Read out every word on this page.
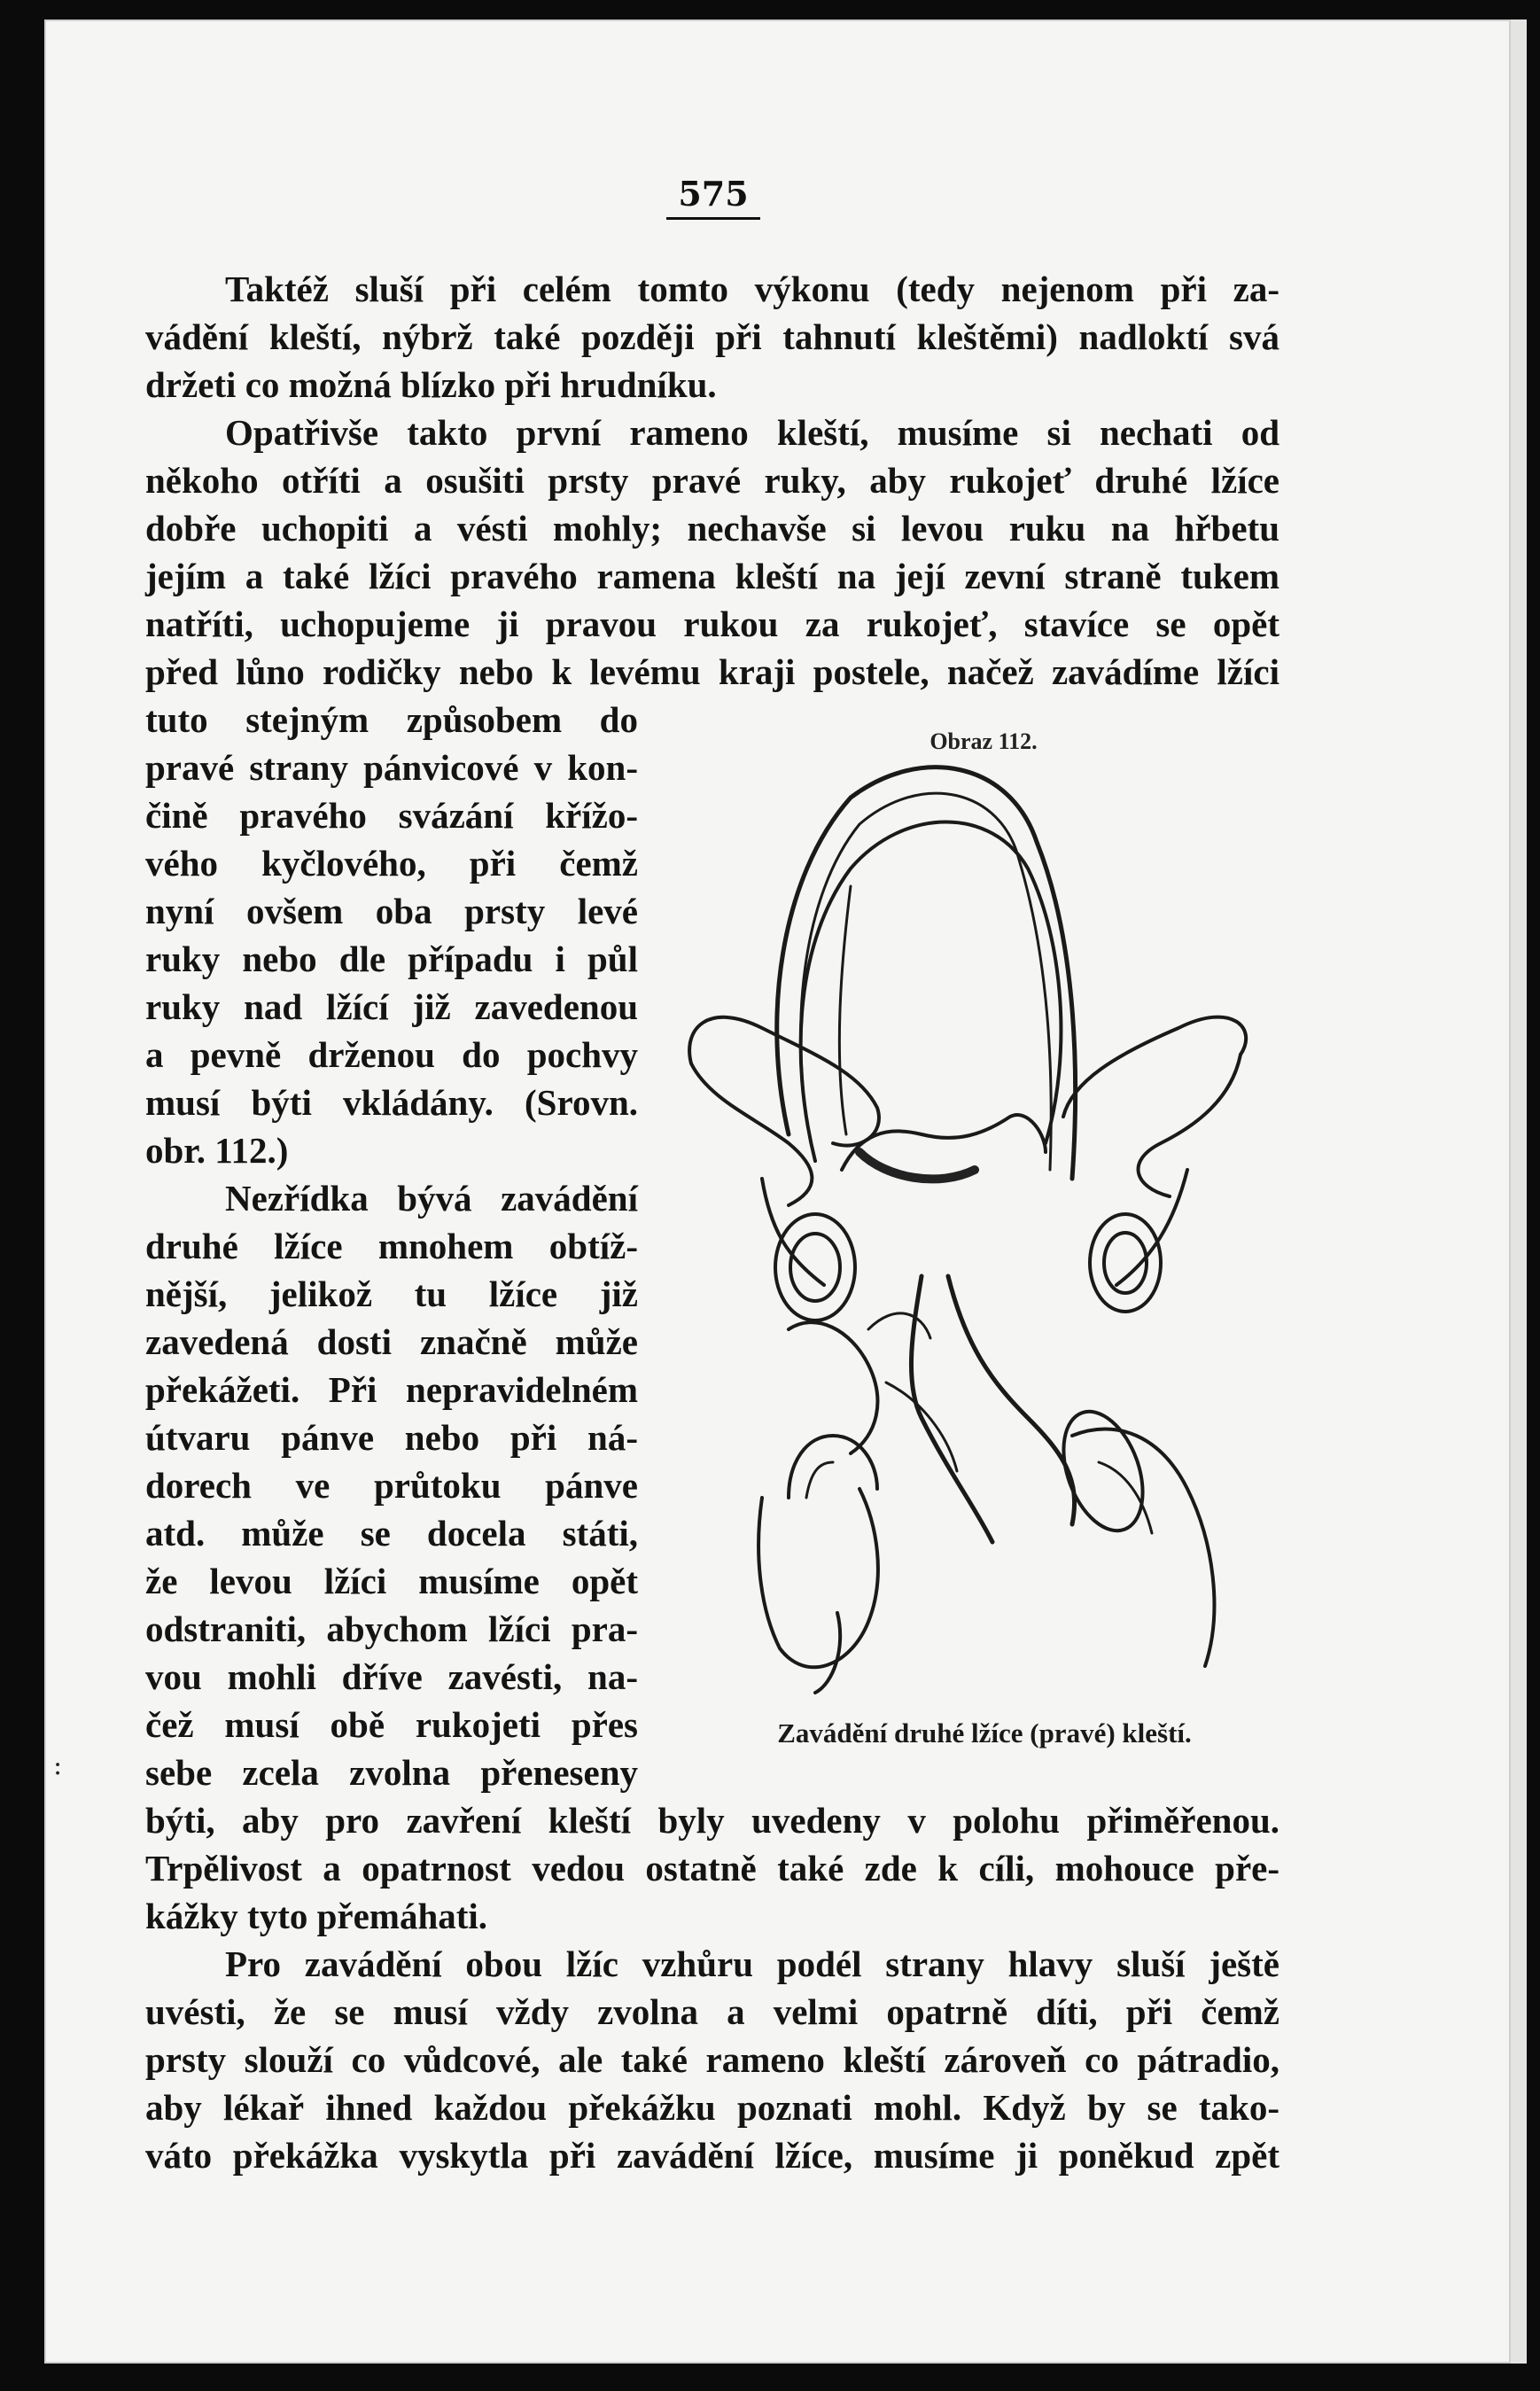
575
Taktéž sluší při celém tomto výkonu (tedy nejenom při za-
vádění kleští, nýbrž také později při tahnutí kleštěmi) nadloktí svá
držeti co možná blízko při hrudníku.
Opatřivše takto první rameno kleští, musíme si nechati od
někoho otříti a osušiti prsty pravé ruky, aby rukojeť druhé lžíce
dobře uchopiti a vésti mohly; nechavše si levou ruku na hřbetu
jejím a také lžíci pravého ramena kleští na její zevní straně tukem
natříti, uchopujeme ji pravou rukou za rukojeť, stavíce se opět
před lůno rodičky nebo k levému kraji postele, načež zavádíme lžíci
tuto stejným způsobem do
pravé strany pánvicové v kon-
čině pravého svázání křížo-
vého kyčlového, při čemž
nyní ovšem oba prsty levé
ruky nebo dle případu i půl
ruky nad lžící již zavedenou
a pevně drženou do pochvy
musí býti vkládány. (Srovn.
obr. 112.)
Nezřídka bývá zavádění
druhé lžíce mnohem obtíž-
nější, jelikož tu lžíce již
zavedená dosti značně může
překážeti. Při nepravidelném
útvaru pánve nebo při ná-
dorech ve průtoku pánve
atd. může se docela státi,
že levou lžíci musíme opět
odstraniti, abychom lžíci pra-
vou mohli dříve zavésti, na-
čež musí obě rukojeti přes
sebe zcela zvolna přeneseny
býti, aby pro zavření kleští byly uvedeny v polohu přiměřenou.
Trpělivost a opatrnost vedou ostatně také zde k cíli, mohouce pře-
kážky tyto přemáhati.
Pro zavádění obou lžíc vzhůru podél strany hlavy sluší ještě
uvésti, že se musí vždy zvolna a velmi opatrně díti, při čemž
prsty slouží co vůdcové, ale také rameno kleští zároveň co pátradio,
aby lékař ihned každou překážku poznati mohl. Když by se tako-
váto překážka vyskytla při zavádění lžíce, musíme ji poněkud zpět
Obraz 112.
Zavádění druhé lžíce (pravé) kleští.
:
